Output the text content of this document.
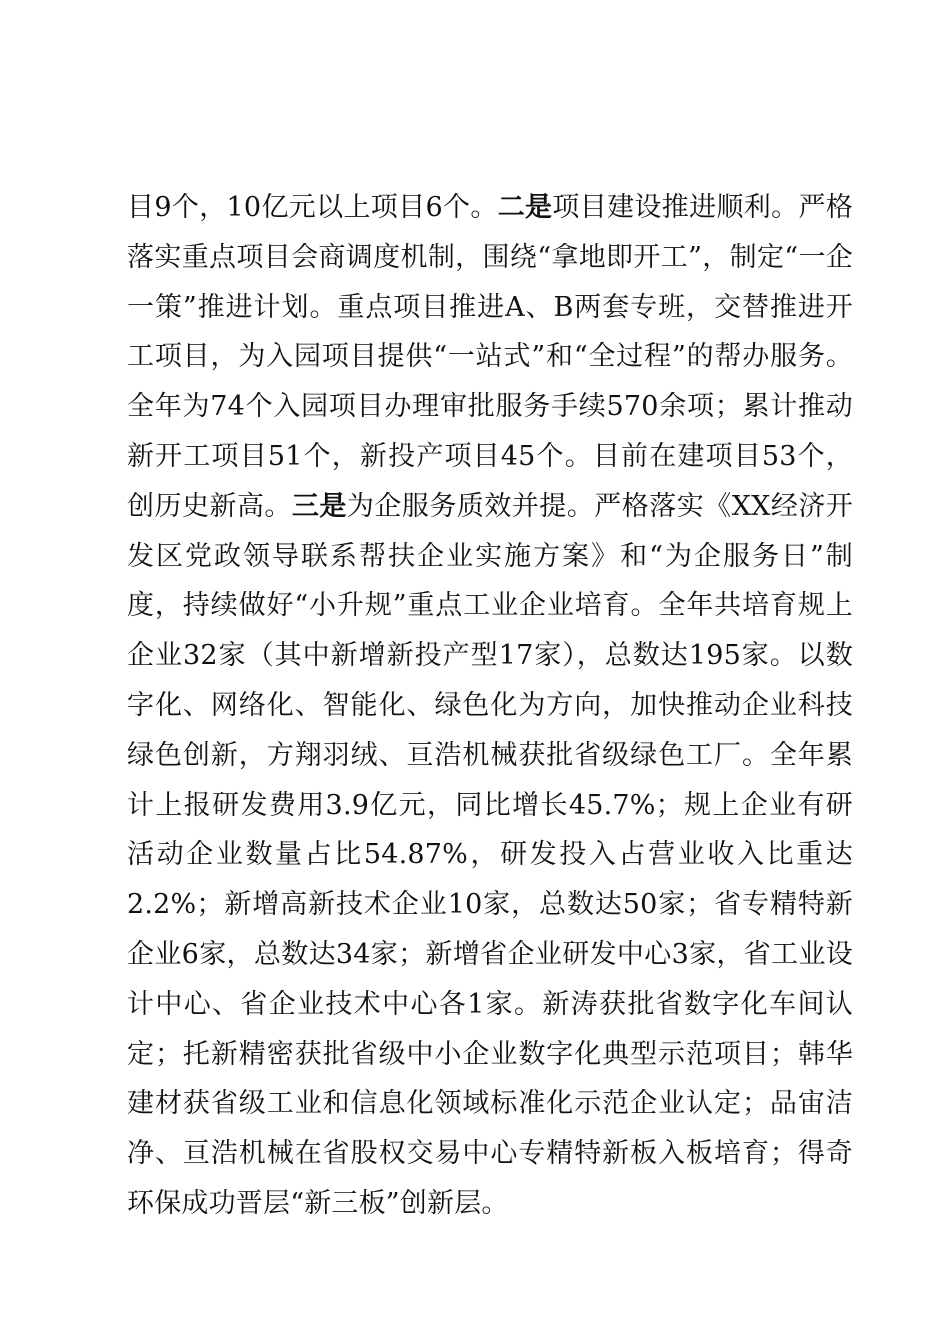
目9个，10亿元以上项目6个。二是项目建设推进顺利。严格落实重点项目会商调度机制，围绕“拿地即开工”，制定“一企一策”推进计划。重点项目推进A、B两套专班，交替推进开工项目，为入园项目提供“一站式”和“全过程”的帮办服务。全年为74个入园项目办理审批服务手续570余项；累计推动新开工项目51个，新投产项目45个。目前在建项目53个，创历史新高。三是为企服务质效并提。严格落实《XX经济开发区党政领导联系帮扶企业实施方案》和“为企服务日”制度，持续做好“小升规”重点工业企业培育。全年共培育规上企业32家（其中新增新投产型17家），总数达195家。以数字化、网络化、智能化、绿色化为方向，加快推动企业科技绿色创新，方翔羽绒、亘浩机械获批省级绿色工厂。全年累计上报研发费用3.9亿元，同比增长45.7%；规上企业有研活动企业数量占比54.87%，研发投入占营业收入比重达2.2%；新增高新技术企业10家，总数达50家；省专精特新企业6家，总数达34家；新增省企业研发中心3家，省工业设计中心、省企业技术中心各1家。新涛获批省数字化车间认定；托新精密获批省级中小企业数字化典型示范项目；韩华建材获省级工业和信息化领域标准化示范企业认定；品宙洁净、亘浩机械在省股权交易中心专精特新板入板培育；得奇环保成功晋层“新三板”创新层。
